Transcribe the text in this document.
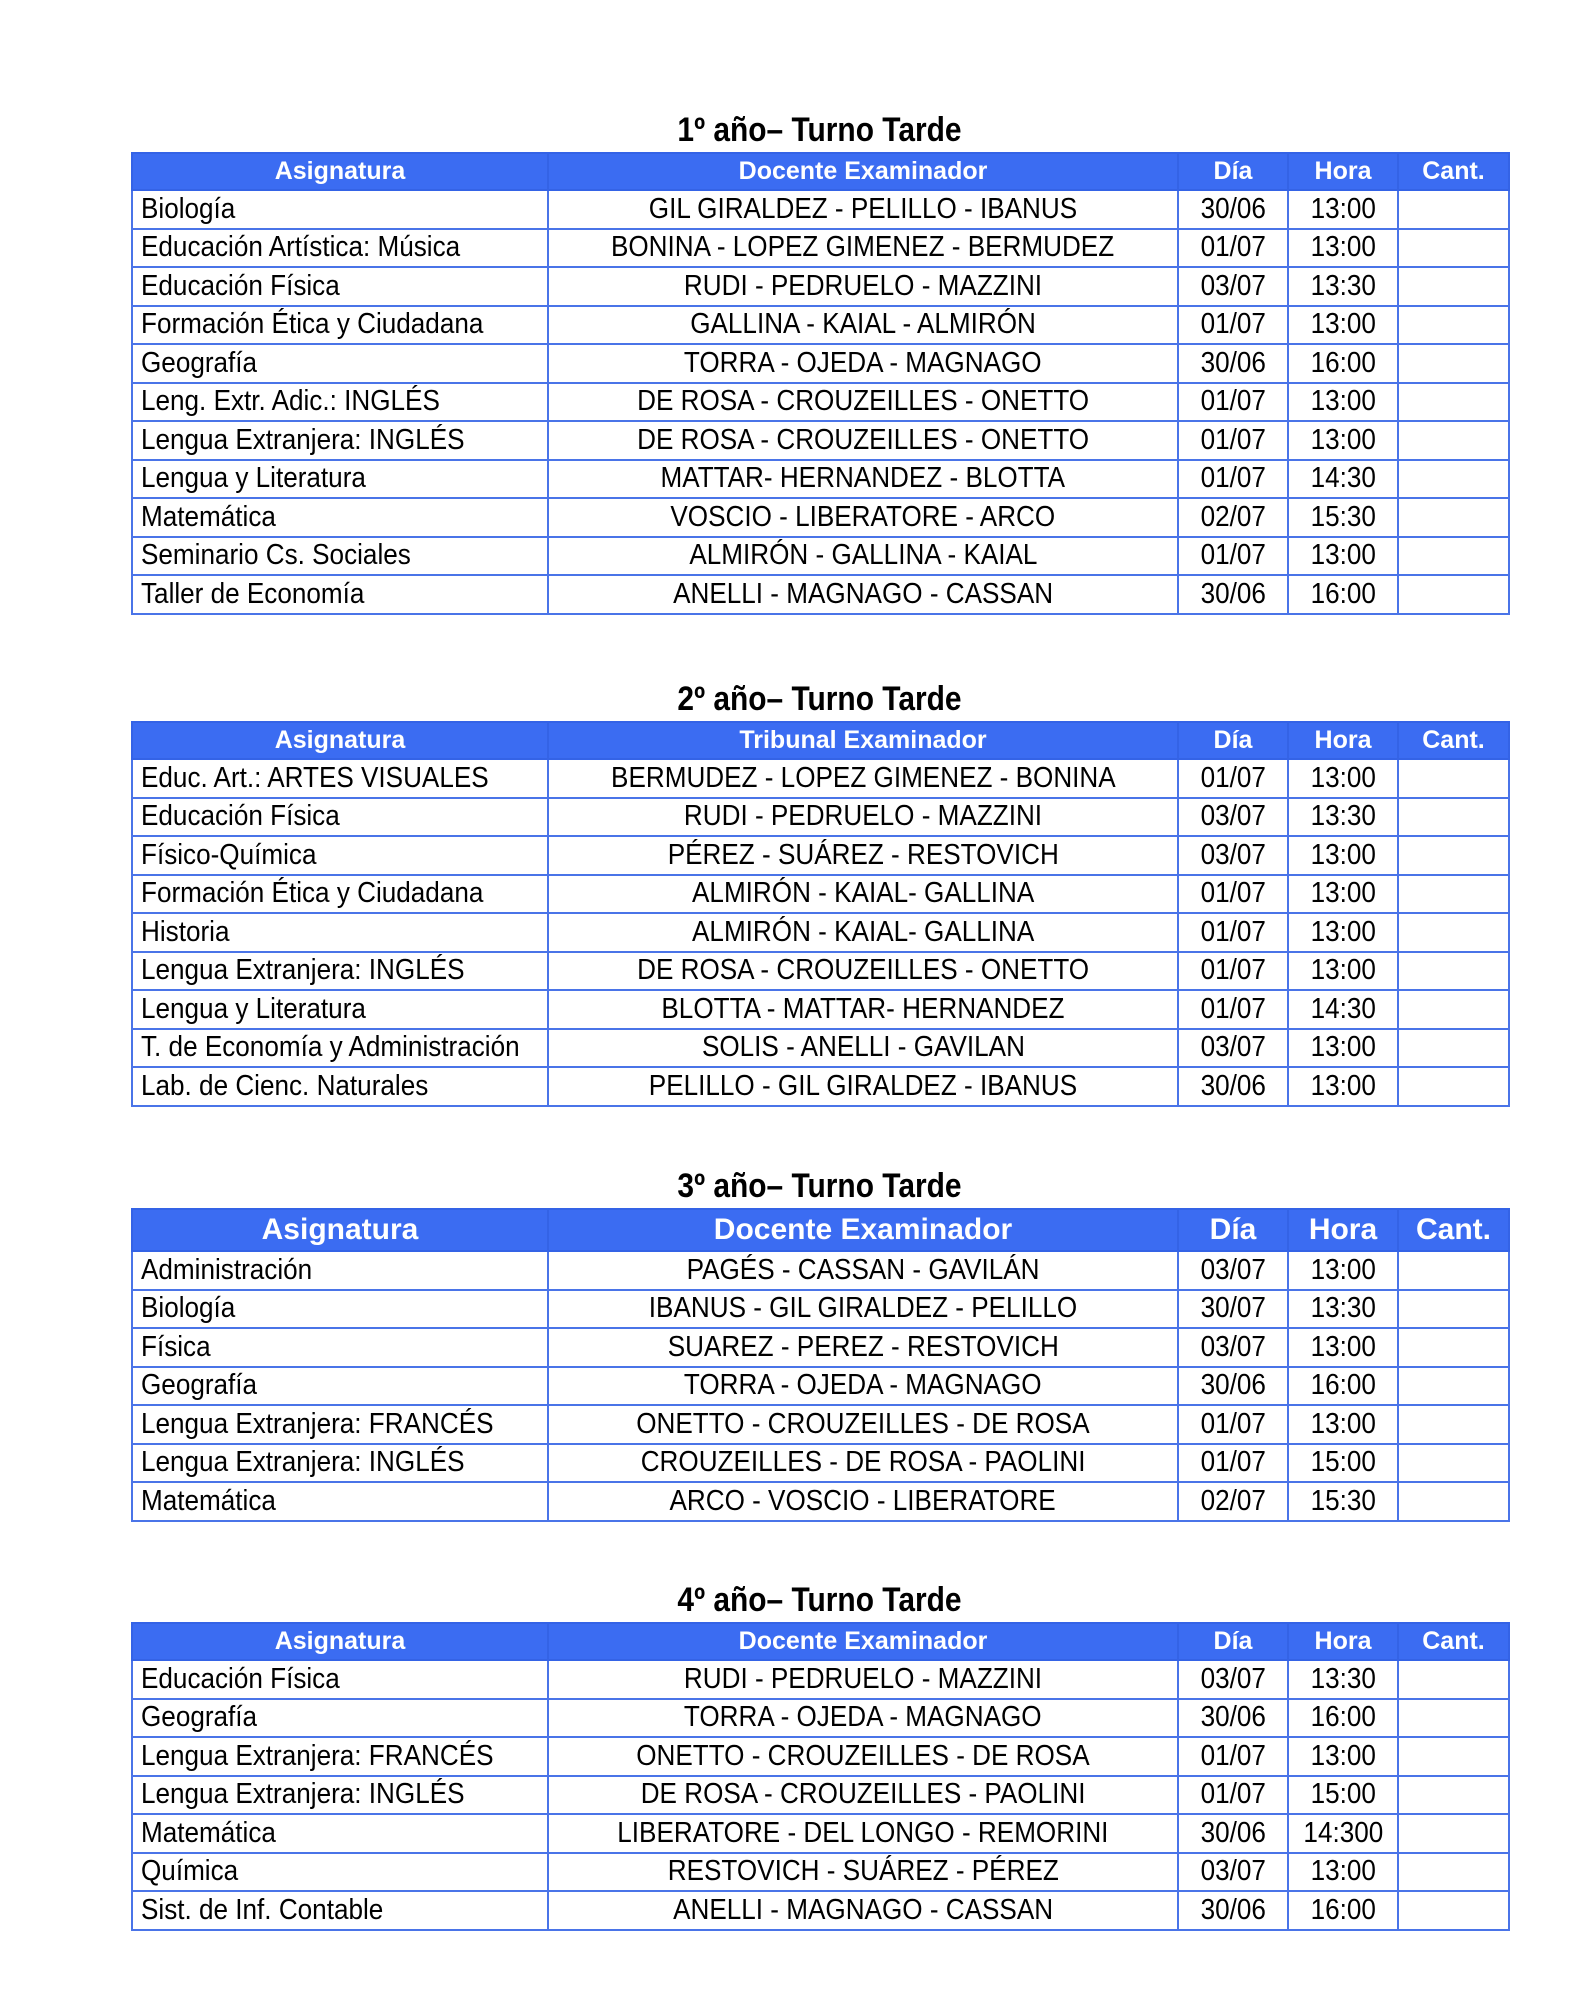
1º año– Turno Tarde
Asignatura	Docente Examinador	Día	Hora	Cant.
Biología	GIL GIRALDEZ - PELILLO - IBANUS	30/06	13:00	
Educación Artística: Música	BONINA - LOPEZ GIMENEZ - BERMUDEZ	01/07	13:00	
Educación Física	RUDI - PEDRUELO - MAZZINI	03/07	13:30	
Formación Ética y Ciudadana	GALLINA - KAIAL - ALMIRÓN	01/07	13:00	
Geografía	TORRA - OJEDA - MAGNAGO	30/06	16:00	
Leng. Extr. Adic.: INGLÉS	DE ROSA - CROUZEILLES - ONETTO	01/07	13:00	
Lengua Extranjera: INGLÉS	DE ROSA - CROUZEILLES - ONETTO	01/07	13:00	
Lengua y Literatura	MATTAR- HERNANDEZ - BLOTTA	01/07	14:30	
Matemática	VOSCIO - LIBERATORE - ARCO	02/07	15:30	
Seminario Cs. Sociales	ALMIRÓN - GALLINA - KAIAL	01/07	13:00	
Taller de Economía	ANELLI - MAGNAGO - CASSAN	30/06	16:00	
2º año– Turno Tarde
Asignatura	Tribunal Examinador	Día	Hora	Cant.
Educ. Art.: ARTES VISUALES	BERMUDEZ - LOPEZ GIMENEZ - BONINA	01/07	13:00	
Educación Física	RUDI - PEDRUELO - MAZZINI	03/07	13:30	
Físico-Química	PÉREZ - SUÁREZ - RESTOVICH	03/07	13:00	
Formación Ética y Ciudadana	ALMIRÓN - KAIAL- GALLINA	01/07	13:00	
Historia	ALMIRÓN - KAIAL- GALLINA	01/07	13:00	
Lengua Extranjera: INGLÉS	DE ROSA - CROUZEILLES - ONETTO	01/07	13:00	
Lengua y Literatura	BLOTTA - MATTAR- HERNANDEZ	01/07	14:30	
T. de Economía y Administración	SOLIS - ANELLI - GAVILAN	03/07	13:00	
Lab. de Cienc. Naturales	PELILLO - GIL GIRALDEZ - IBANUS	30/06	13:00	
3º año– Turno Tarde
Asignatura	Docente Examinador	Día	Hora	Cant.
Administración	PAGÉS - CASSAN - GAVILÁN	03/07	13:00	
Biología	IBANUS - GIL GIRALDEZ - PELILLO	30/07	13:30	
Física	SUAREZ - PEREZ - RESTOVICH	03/07	13:00	
Geografía	TORRA - OJEDA - MAGNAGO	30/06	16:00	
Lengua Extranjera: FRANCÉS	ONETTO - CROUZEILLES - DE ROSA	01/07	13:00	
Lengua Extranjera: INGLÉS	CROUZEILLES - DE ROSA - PAOLINI	01/07	15:00	
Matemática	ARCO - VOSCIO - LIBERATORE	02/07	15:30	
4º año– Turno Tarde
Asignatura	Docente Examinador	Día	Hora	Cant.
Educación Física	RUDI - PEDRUELO - MAZZINI	03/07	13:30	
Geografía	TORRA - OJEDA - MAGNAGO	30/06	16:00	
Lengua Extranjera: FRANCÉS	ONETTO - CROUZEILLES - DE ROSA	01/07	13:00	
Lengua Extranjera: INGLÉS	DE ROSA - CROUZEILLES - PAOLINI	01/07	15:00	
Matemática	LIBERATORE - DEL LONGO - REMORINI	30/06	14:300	
Química	RESTOVICH - SUÁREZ - PÉREZ	03/07	13:00	
Sist. de Inf. Contable	ANELLI - MAGNAGO - CASSAN	30/06	16:00	
